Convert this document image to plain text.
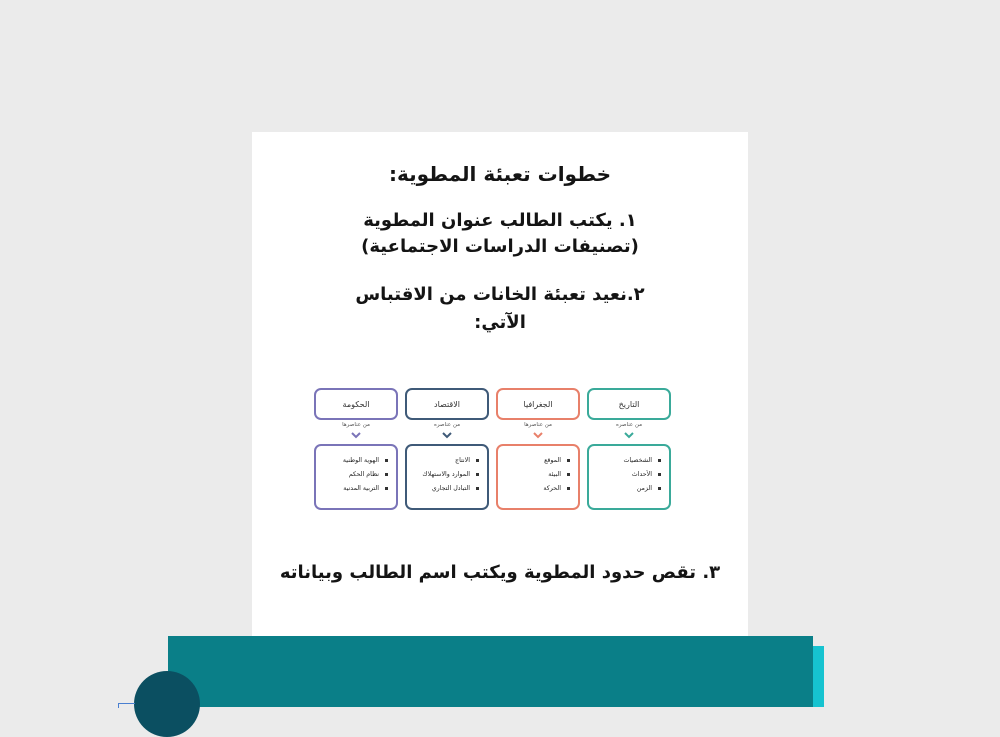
خطوات تعبئة المطوية:
١. يكتب الطالب عنوان المطوية
(تصنيفات الدراسات الاجتماعية)
٢.نعيد تعبئة الخانات من الاقتباس
الآتي:
الحكومة
من عناصرها
الهوية الوطنية
نظام الحكم
التربية المدنية
الاقتصاد
من عناصره
الانتاج
الموارد والاستهلاك
التبادل التجاري
الجغرافيا
من عناصرها
الموقع
البيئة
الحركة
التاريخ
من عناصره
الشخصيات
الأحداث
الزمن
٣. تقص حدود المطوية ويكتب اسم الطالب وبياناته
